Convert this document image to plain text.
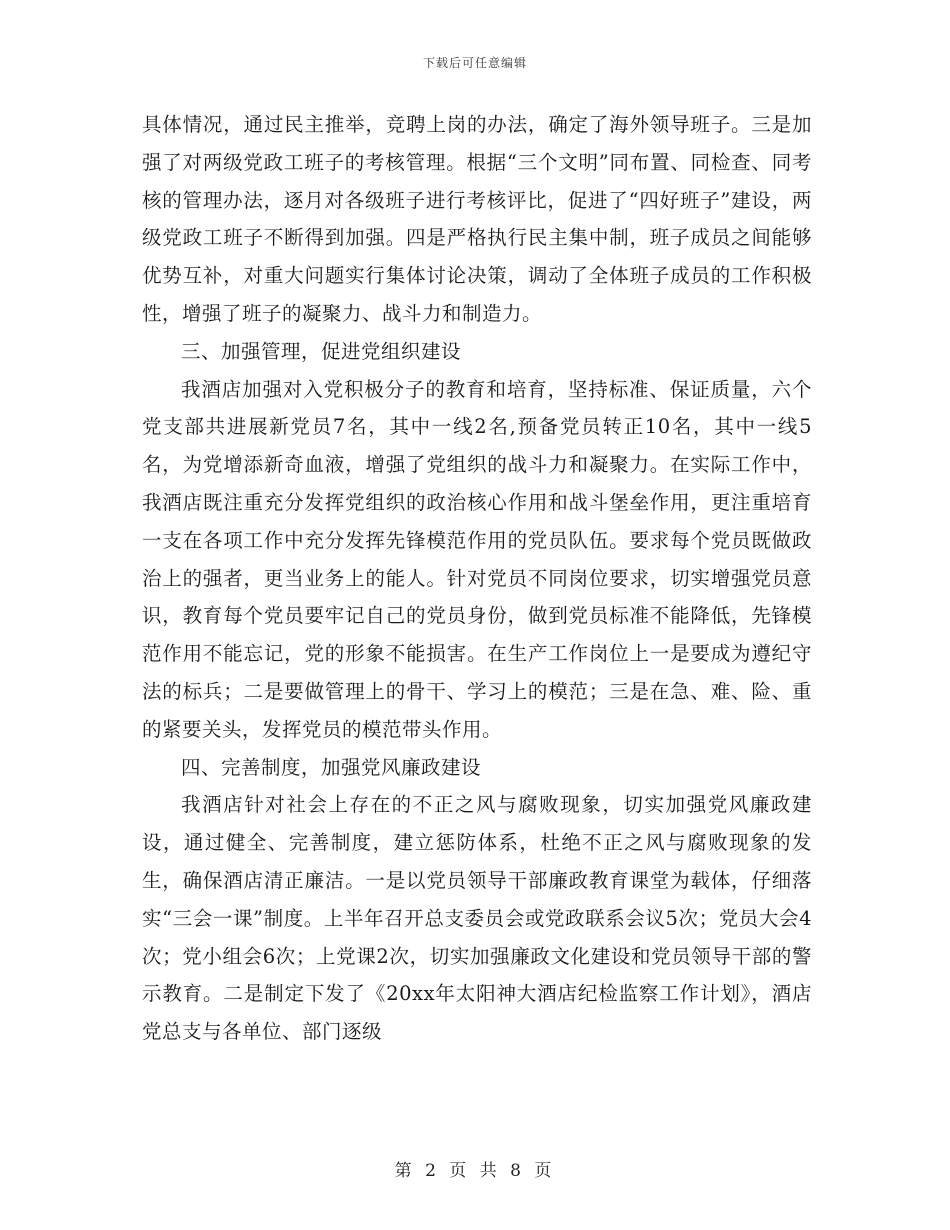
下载后可任意编辑

具体情况，通过民主推举，竞聘上岗的办法，确定了海外领导班子。三是加强了对两级党政工班子的考核管理。根据“三个文明”同布置、同检查、同考核的管理办法，逐月对各级班子进行考核评比，促进了“四好班子”建设，两级党政工班子不断得到加强。四是严格执行民主集中制，班子成员之间能够优势互补，对重大问题实行集体讨论决策，调动了全体班子成员的工作积极性，增强了班子的凝聚力、战斗力和制造力。

三、加强管理，促进党组织建设

我酒店加强对入党积极分子的教育和培育，坚持标准、保证质量，六个党支部共进展新党员7名，其中一线2名,预备党员转正10名，其中一线5名，为党增添新奇血液，增强了党组织的战斗力和凝聚力。在实际工作中，我酒店既注重充分发挥党组织的政治核心作用和战斗堡垒作用，更注重培育一支在各项工作中充分发挥先锋模范作用的党员队伍。要求每个党员既做政治上的强者，更当业务上的能人。针对党员不同岗位要求，切实增强党员意识，教育每个党员要牢记自己的党员身份，做到党员标准不能降低，先锋模范作用不能忘记，党的形象不能损害。在生产工作岗位上一是要成为遵纪守法的标兵；二是要做管理上的骨干、学习上的模范；三是在急、难、险、重的紧要关头，发挥党员的模范带头作用。

四、完善制度，加强党风廉政建设

我酒店针对社会上存在的不正之风与腐败现象，切实加强党风廉政建设，通过健全、完善制度，建立惩防体系，杜绝不正之风与腐败现象的发生，确保酒店清正廉洁。一是以党员领导干部廉政教育课堂为载体，仔细落实“三会一课”制度。上半年召开总支委员会或党政联系会议5次；党员大会4次；党小组会6次；上党课2次，切实加强廉政文化建设和党员领导干部的警示教育。二是制定下发了《20xx年太阳神大酒店纪检监察工作计划》，酒店党总支与各单位、部门逐级

第 2 页 共 8 页
